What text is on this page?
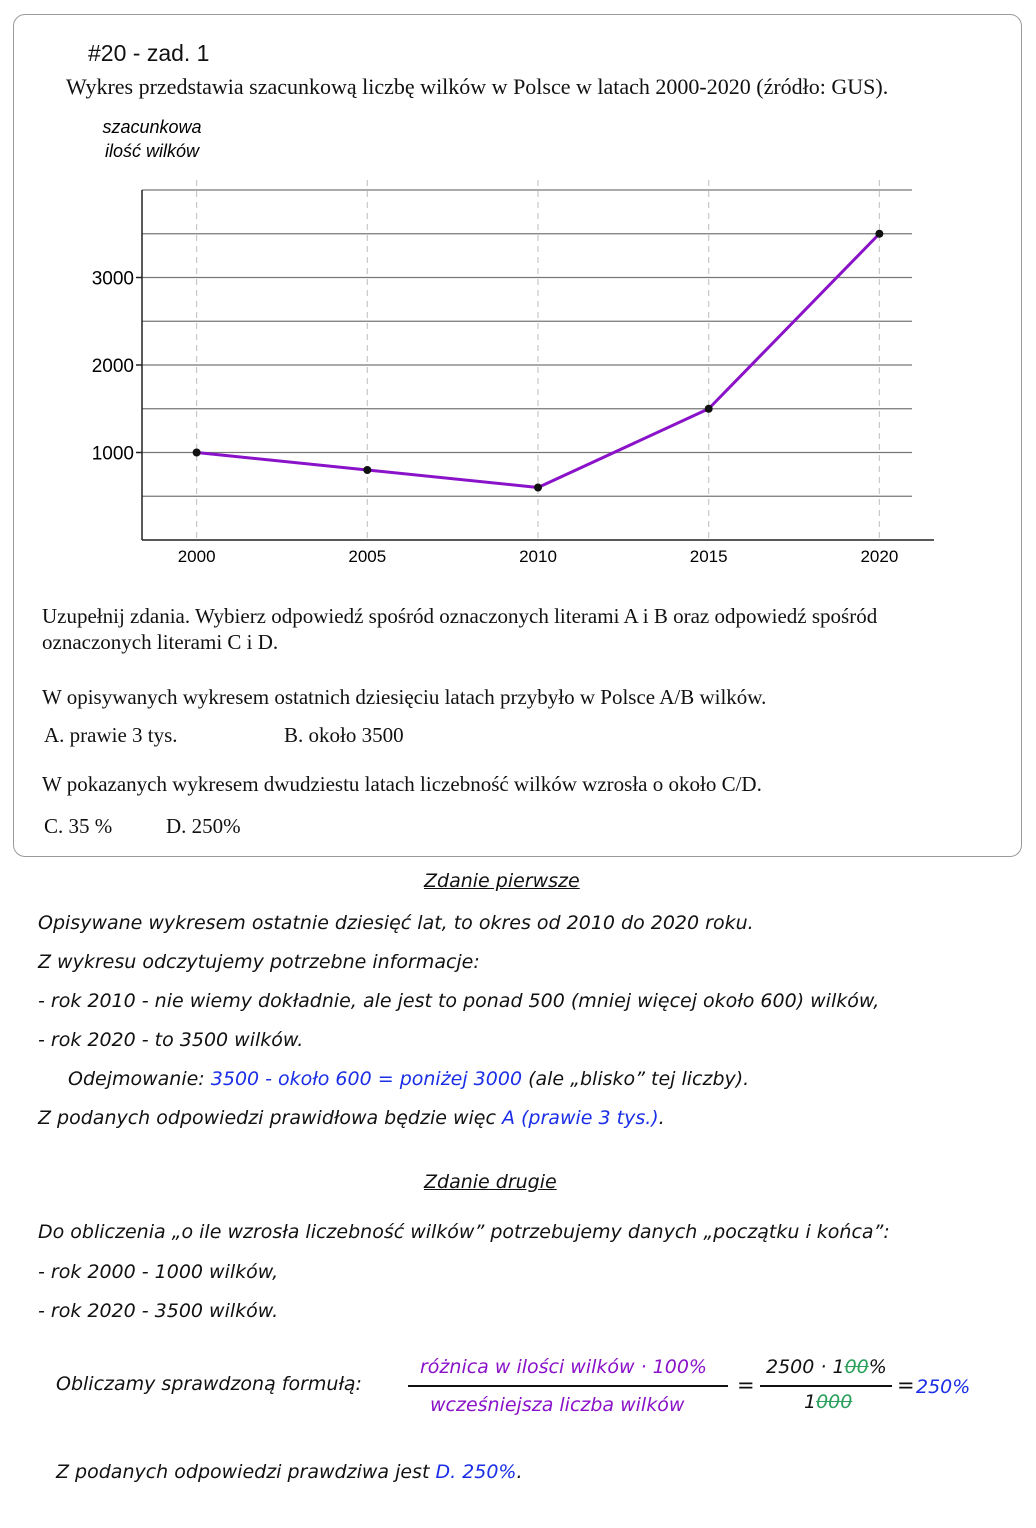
#20 - zad. 1
Wykres przedstawia szacunkową liczbę wilków w Polsce w latach 2000-2020 (źródło: GUS).
szacunkowa
ilość wilków
1000
2000
3000
2000	2005	2010	2015	2020
Uzupełnij zdania. Wybierz odpowiedź spośród oznaczonych literami A i B oraz odpowiedź spośród
oznaczonych literami C i D.
W opisywanych wykresem ostatnich dziesięciu latach przybyło w Polsce A/B wilków.
A. prawie 3 tys.	B. około 3500
W pokazanych wykresem dwudziestu latach liczebność wilków wzrosła o około C/D.
C. 35 %	D. 250%
Zdanie pierwsze
Opisywane wykresem ostatnie dziesięć lat, to okres od 2010 do 2020 roku.
Z wykresu odczytujemy potrzebne informacje:
- rok 2010 - nie wiemy dokładnie, ale jest to ponad 500 (mniej więcej około 600) wilków,
- rok 2020 - to 3500 wilków.
Odejmowanie: 3500 - około 600 = poniżej 3000 (ale „blisko” tej liczby).
Z podanych odpowiedzi prawidłowa będzie więc A (prawie 3 tys.).
Zdanie drugie
Do obliczenia „o ile wzrosła liczebność wilków” potrzebujemy danych „początku i końca”:
- rok 2000 - 1000 wilków,
- rok 2020 - 3500 wilków.
Obliczamy sprawdzoną formułą:
różnica w ilości wilków · 100%
wcześniejsza liczba wilków
=
2500 · 100%
1000
= 250%
Z podanych odpowiedzi prawdziwa jest D. 250%.
